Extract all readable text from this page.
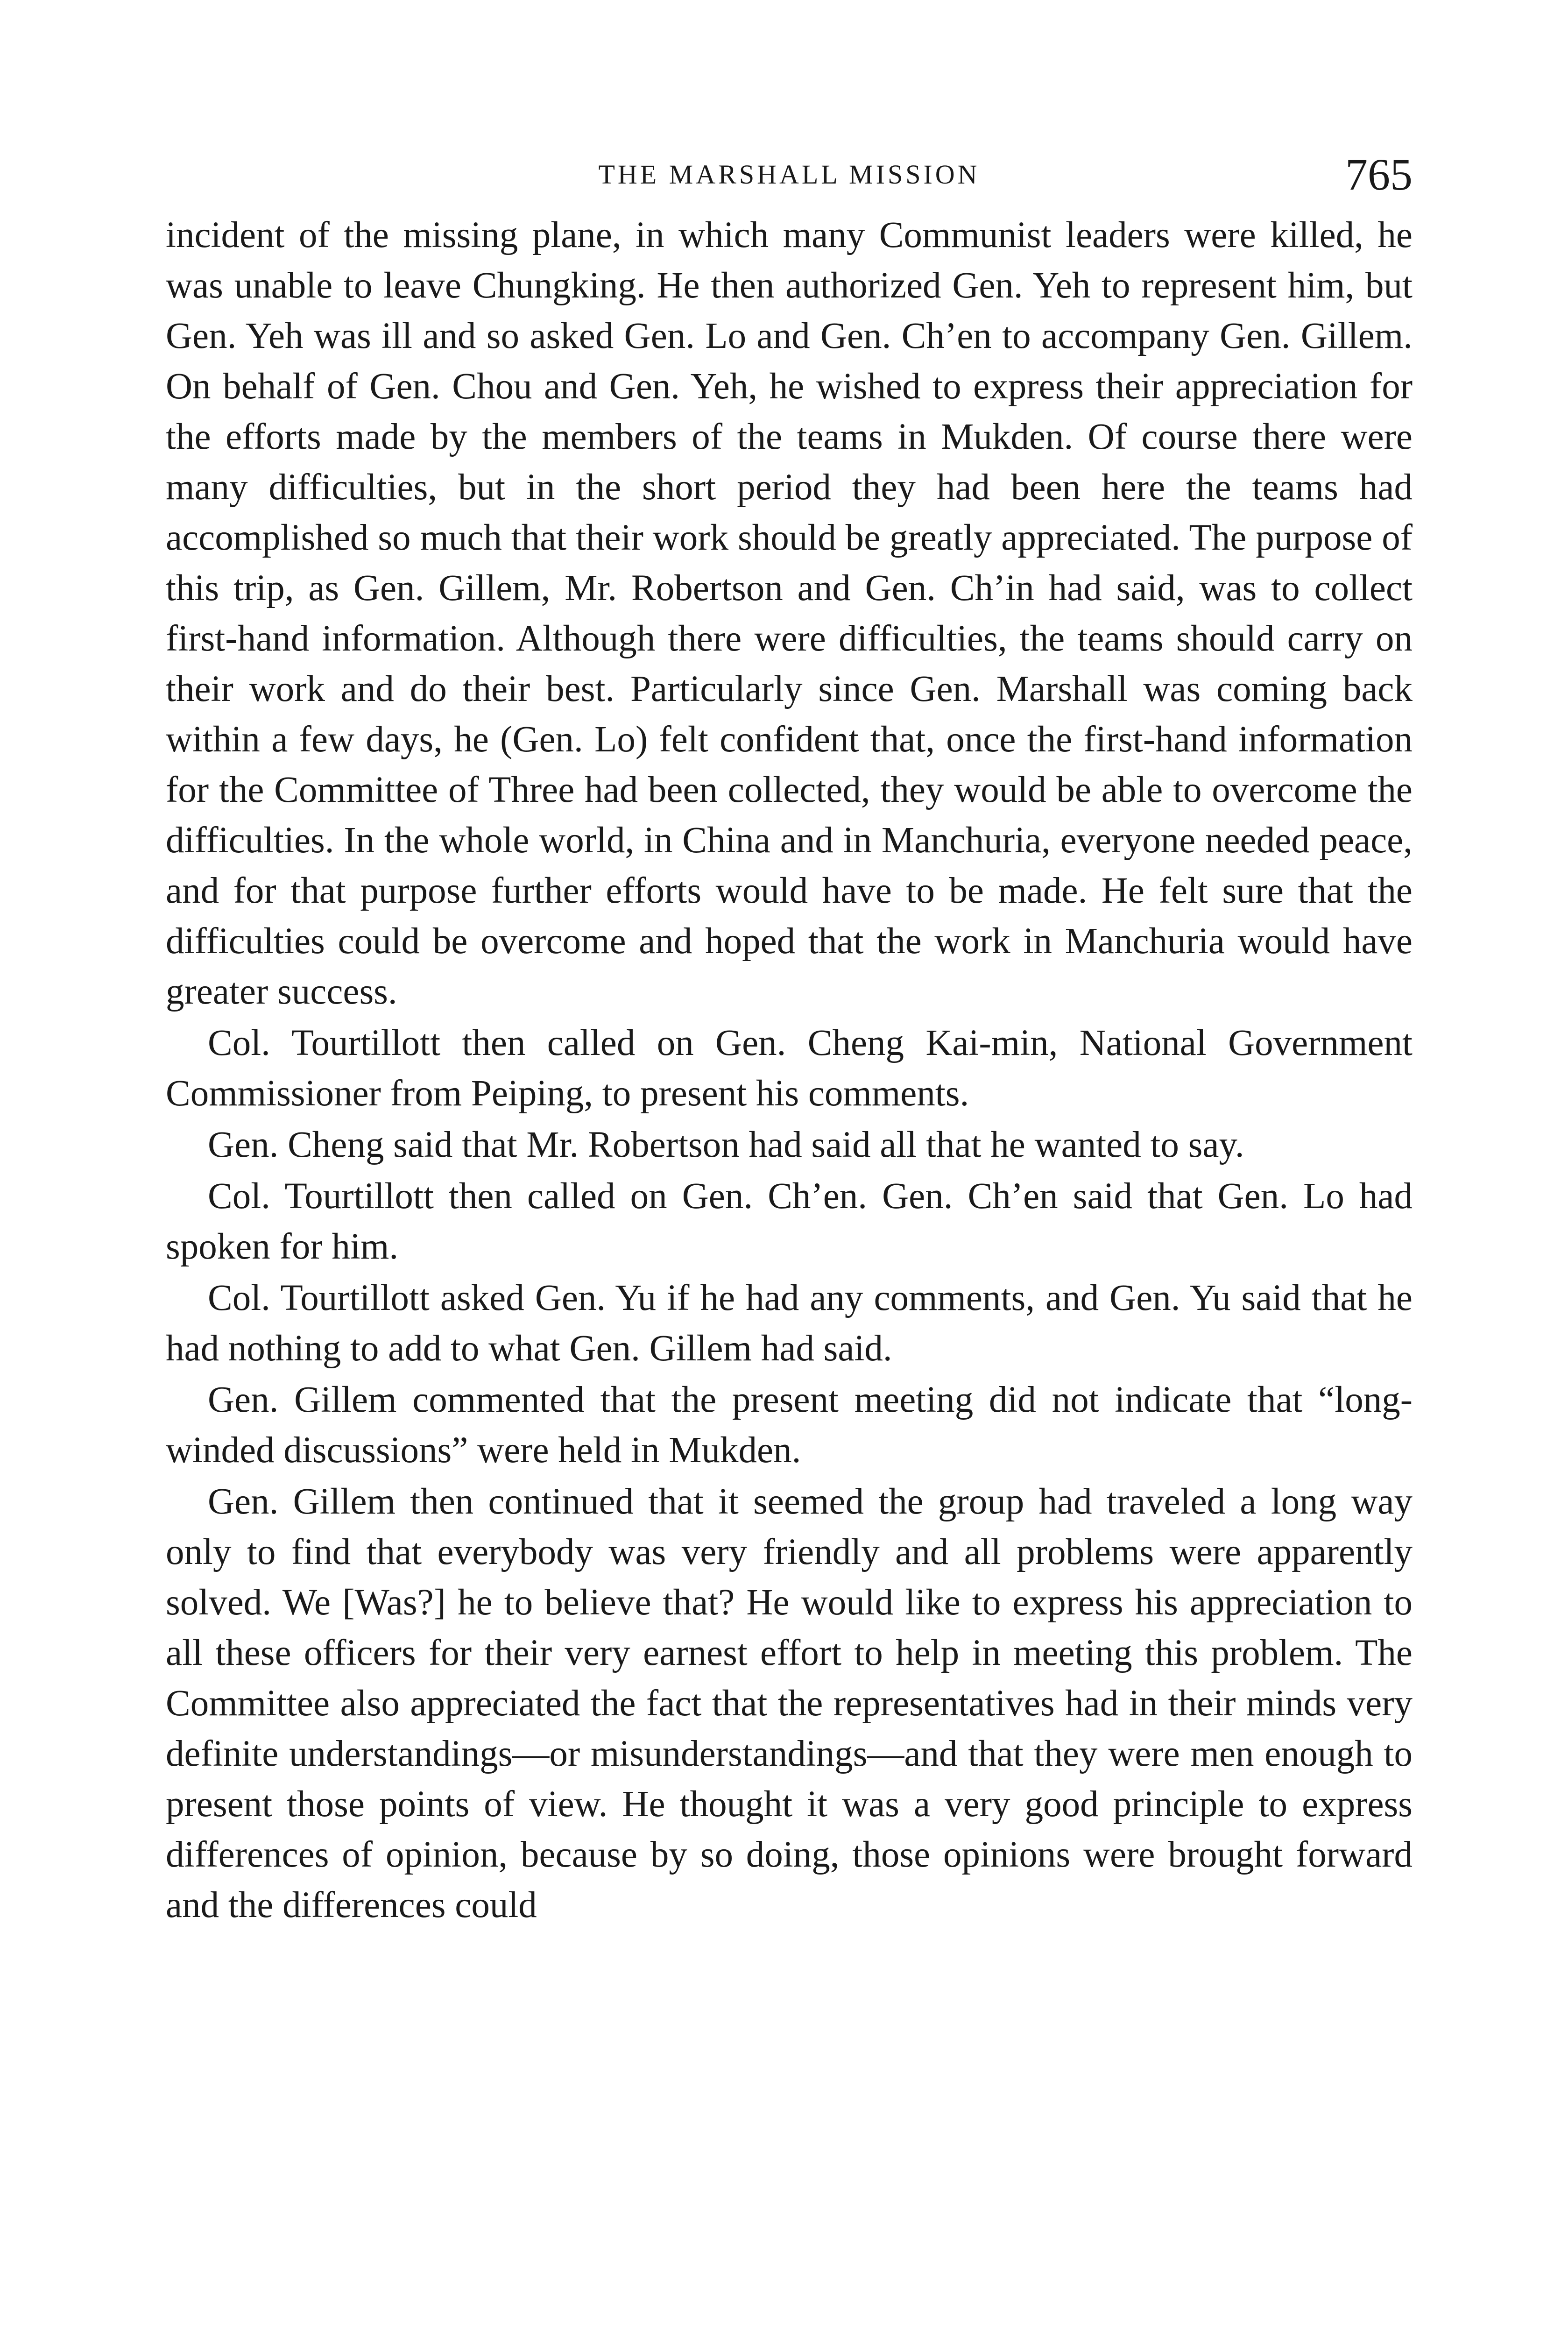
THE MARSHALL MISSION	765

incident of the missing plane, in which many Communist leaders were killed, he was unable to leave Chungking. He then authorized Gen. Yeh to represent him, but Gen. Yeh was ill and so asked Gen. Lo and Gen. Ch’en to accompany Gen. Gillem. On behalf of Gen. Chou and Gen. Yeh, he wished to express their appreciation for the efforts made by the members of the teams in Mukden. Of course there were many difficulties, but in the short period they had been here the teams had accomplished so much that their work should be greatly appreciated. The purpose of this trip, as Gen. Gillem, Mr. Robertson and Gen. Ch’in had said, was to collect first-hand information. Although there were difficulties, the teams should carry on their work and do their best. Particularly since Gen. Marshall was coming back within a few days, he (Gen. Lo) felt confident that, once the first-hand information for the Committee of Three had been collected, they would be able to overcome the difficulties. In the whole world, in China and in Manchuria, everyone needed peace, and for that purpose further efforts would have to be made. He felt sure that the difficulties could be overcome and hoped that the work in Manchuria would have greater success.

Col. Tourtillott then called on Gen. Cheng Kai-min, National Government Commissioner from Peiping, to present his comments.

Gen. Cheng said that Mr. Robertson had said all that he wanted to say.

Col. Tourtillott then called on Gen. Ch’en. Gen. Ch’en said that Gen. Lo had spoken for him.

Col. Tourtillott asked Gen. Yu if he had any comments, and Gen. Yu said that he had nothing to add to what Gen. Gillem had said.

Gen. Gillem commented that the present meeting did not indicate that “long-winded discussions” were held in Mukden.

Gen. Gillem then continued that it seemed the group had traveled a long way only to find that everybody was very friendly and all problems were apparently solved. We [Was?] he to believe that? He would like to express his appreciation to all these officers for their very earnest effort to help in meeting this problem. The Committee also appreciated the fact that the representatives had in their minds very definite understandings—or misunderstandings—and that they were men enough to present those points of view. He thought it was a very good principle to express differences of opinion, because by so doing, those opinions were brought forward and the differences could
